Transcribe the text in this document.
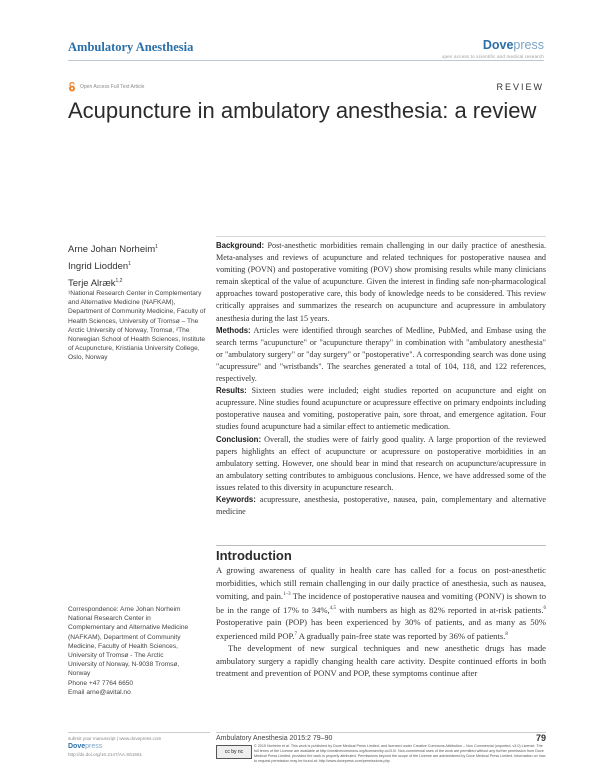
Ambulatory Anesthesia	Dovepress
open access to scientific and medical research
Open Access Full Text Article	REVIEW
Acupuncture in ambulatory anesthesia: a review
Arne Johan Norheim$^1$
Ingrid Liodden$^1$
Terje Alræk$^{1,2}$
¹National Research Center in Complementary and Alternative Medicine (NAFKAM), Department of Community Medicine, Faculty of Health Sciences, University of Tromsø – The Arctic University of Norway, Tromsø, ²The Norwegian School of Health Sciences, Institute of Acupuncture, Kristiania University College, Oslo, Norway
Correspondence: Arne Johan Norheim
National Research Center in
Complementary and Alternative Medicine
(NAFKAM), Department of Community
Medicine, Faculty of Health Sciences,
University of Tromsø - The Arctic
University of Norway, N-9038 Tromsø,
Norway
Phone +47 7764 6650
Email arne@avital.no

Background: Post-anesthetic morbidities remain challenging in our daily practice of anesthesia. Meta-analyses and reviews of acupuncture and related techniques for postoperative nausea and vomiting (POVN) and postoperative vomiting (POV) show promising results while many clinicians remain skeptical of the value of acupuncture. Given the interest in finding safe non-pharmacological approaches toward postoperative care, this body of knowledge needs to be considered. This review critically appraises and summarizes the research on acupuncture and acupressure in ambulatory anesthesia during the last 15 years.

Methods: Articles were identified through searches of Medline, PubMed, and Embase using the search terms "acupuncture" or "acupuncture therapy" in combination with "ambulatory anesthesia" or "ambulatory surgery" or "day surgery" or "postoperative". A corresponding search was done using "acupressure" and "wristbands". The searches generated a total of 104, 118, and 122 references, respectively.

Results: Sixteen studies were included; eight studies reported on acupuncture and eight on acupressure. Nine studies found acupuncture or acupressure effective on primary endpoints including postoperative nausea and vomiting, postoperative pain, sore throat, and emergence agitation. Four studies found acupuncture had a similar effect to antiemetic medication.

Conclusion: Overall, the studies were of fairly good quality. A large proportion of the reviewed papers highlights an effect of acupuncture or acupressure on postoperative morbidities in an ambulatory setting. However, one should bear in mind that research on acupuncture/acupressure in an ambulatory setting contributes to ambiguous conclusions. Hence, we have addressed some of the issues related to this diversity in acupuncture research.

Keywords: acupressure, anesthesia, postoperative, nausea, pain, complementary and alternative medicine

Introduction

A growing awareness of quality in health care has called for a focus on post-anesthetic morbidities, which still remain challenging in our daily practice of anesthesia, such as nausea, vomiting, and pain.$^{1-3}$ The incidence of postoperative nausea and vomiting (PONV) is shown to be in the range of 17% to 34%,$^{4,5}$ with numbers as high as 82% reported in at-risk patients.$^6$ Postoperative pain (POP) has been experienced by 30% of patients, and as many as 50% experienced mild POP.$^7$ A gradually pain-free state was reported by 36% of patients.$^8$

The development of new surgical techniques and new anesthetic drugs has made ambulatory surgery a rapidly changing health care activity. Despite continued efforts in both treatment and prevention of PONV and POP, these symptoms continue after

submit your manuscript | www.dovepress.com
Dovepress
http://dx.doi.org/10.2147/AA.S61551
Ambulatory Anesthesia 2015:2 79–90	79
cc by nc
© 2015 Norheim et al. This work is published by Dove Medical Press Limited, and licensed under Creative Commons Attribution – Non Commercial (unported, v3.0) License. The full terms of the License are available at http://creativecommons.org/licenses/by-nc/3.0/. Non-commercial uses of the work are permitted without any further permission from Dove Medical Press Limited, provided the work is properly attributed. Permissions beyond the scope of the License are administered by Dove Medical Press Limited. Information on how to request permission may be found at: http://www.dovepress.com/permissions.php
